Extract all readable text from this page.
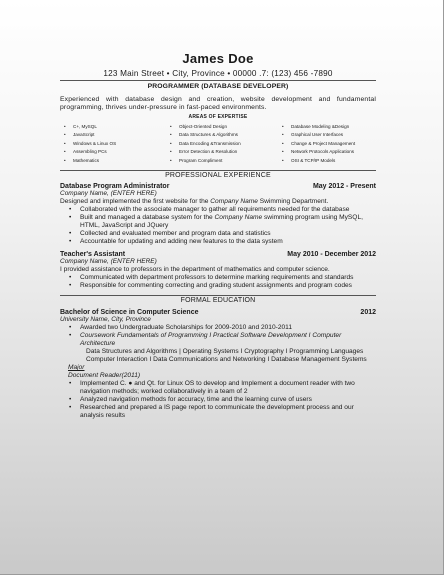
James Doe
123 Main Street • City, Province • 00000 .7: (123) 456 -7890
PROGRAMMER (DATABASE DEVELOPER)
Experienced with database design and creation, website development and fundamental programming, thrives under-pressure in fast-paced environments.
AREAS OF EXPERTISE
• C+, MySQL
• JavaScript
• Windows & Linux OS
• Assembling PCs
• Mathematics
• Object-Oriented Design
• Data Structures & Algorithms
• Data Encoding &Transmission
• Error Detection & Resolution
• Program Compliment
• Database Modeling &Design
• Graphical User Interfaces
• Change & Project Management
• Network Protocols Applications
• OSI & TCP/IP Models
PROFESSIONAL EXPERIENCE
Database Program Administrator	May 2012 - Present
Company Name, (ENTER HERE)
Designed and implemented the first website for the Company Name Swimming Department.
• Collaborated with the associate manager to gather all requirements needed for the database
• Built and managed a database system for the Company Name swimming program using MySQL, HTML, JavaScript and JQuery
• Collected and evaluated member and program data and statistics
• Accountable for updating and adding new features to the data system
Teacher's Assistant	May 2010 - December 2012
Company Name, (ENTER HERE)
I provided assistance to professors in the department of mathematics and computer science.
• Communicated with department professors to determine marking requirements and standards
• Responsible for commenting correcting and grading student assignments and program codes
FORMAL EDUCATION
Bachelor of Science in Computer Science	2012
University Name, City, Province
• Awarded two Undergraduate Scholarships for 2009-2010 and 2010-2011
• Coursework Fundamentals of Programming I Practical Software Development I Computer Architecture
Data Structures and Algorithms | Operating Systems I Cryptography I Programming Languages
Computer Interaction I Data Communications and Networking I Database Management Systems
Major
Document Reader(2011)
• Implemented C. ● and Qt. for Linux OS to develop and Implement a document reader with two navigation methods; worked collaboratively in a team of 2
• Analyzed navigation methods for accuracy, time and the learning curve of users
• Researched and prepared a IS page report to communicate the development process and our analysis results
